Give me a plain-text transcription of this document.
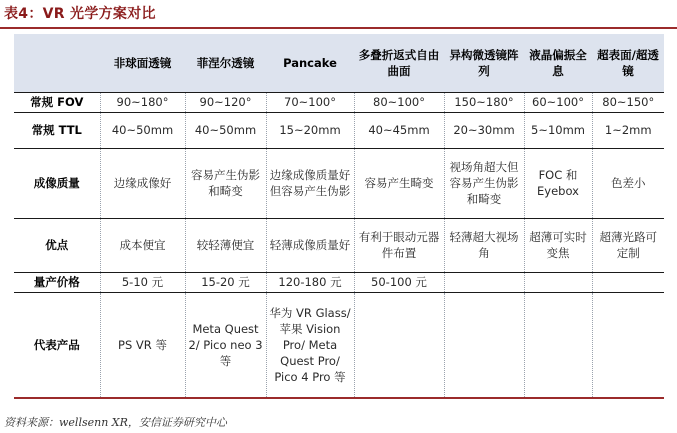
表4：VR 光学方案对比
	非球面透镜	菲涅尔透镜	Pancake	多叠折返式自由曲面	异构微透镜阵列	液晶偏振全息	超表面/超透镜
常规 FOV	90~180°	90~120°	70~100°	80~100°	150~180°	60~100°	80~150°
常规 TTL	40~50mm	40~50mm	15~20mm	40~45mm	20~30mm	5~10mm	1~2mm
成像质量	边缘成像好	容易产生伪影和畸变	边缘成像质量好但容易产生伪影	容易产生畸变	视场角超大但容易产生伪影和畸变	FOC 和 Eyebox	色差小
优点	成本便宜	较轻薄便宜	轻薄成像质量好	有利于眼动元器件布置	轻薄超大视场角	超薄可实时变焦	超薄光路可定制
量产价格	5-10 元	15-20 元	120-180 元	50-100 元			
代表产品	PS VR 等	Meta Quest 2/ Pico neo 3 等	华为 VR Glass/苹果 Vision Pro/ Meta Quest Pro/ Pico 4 Pro 等				
资料来源：wellsenn XR，安信证券研究中心
